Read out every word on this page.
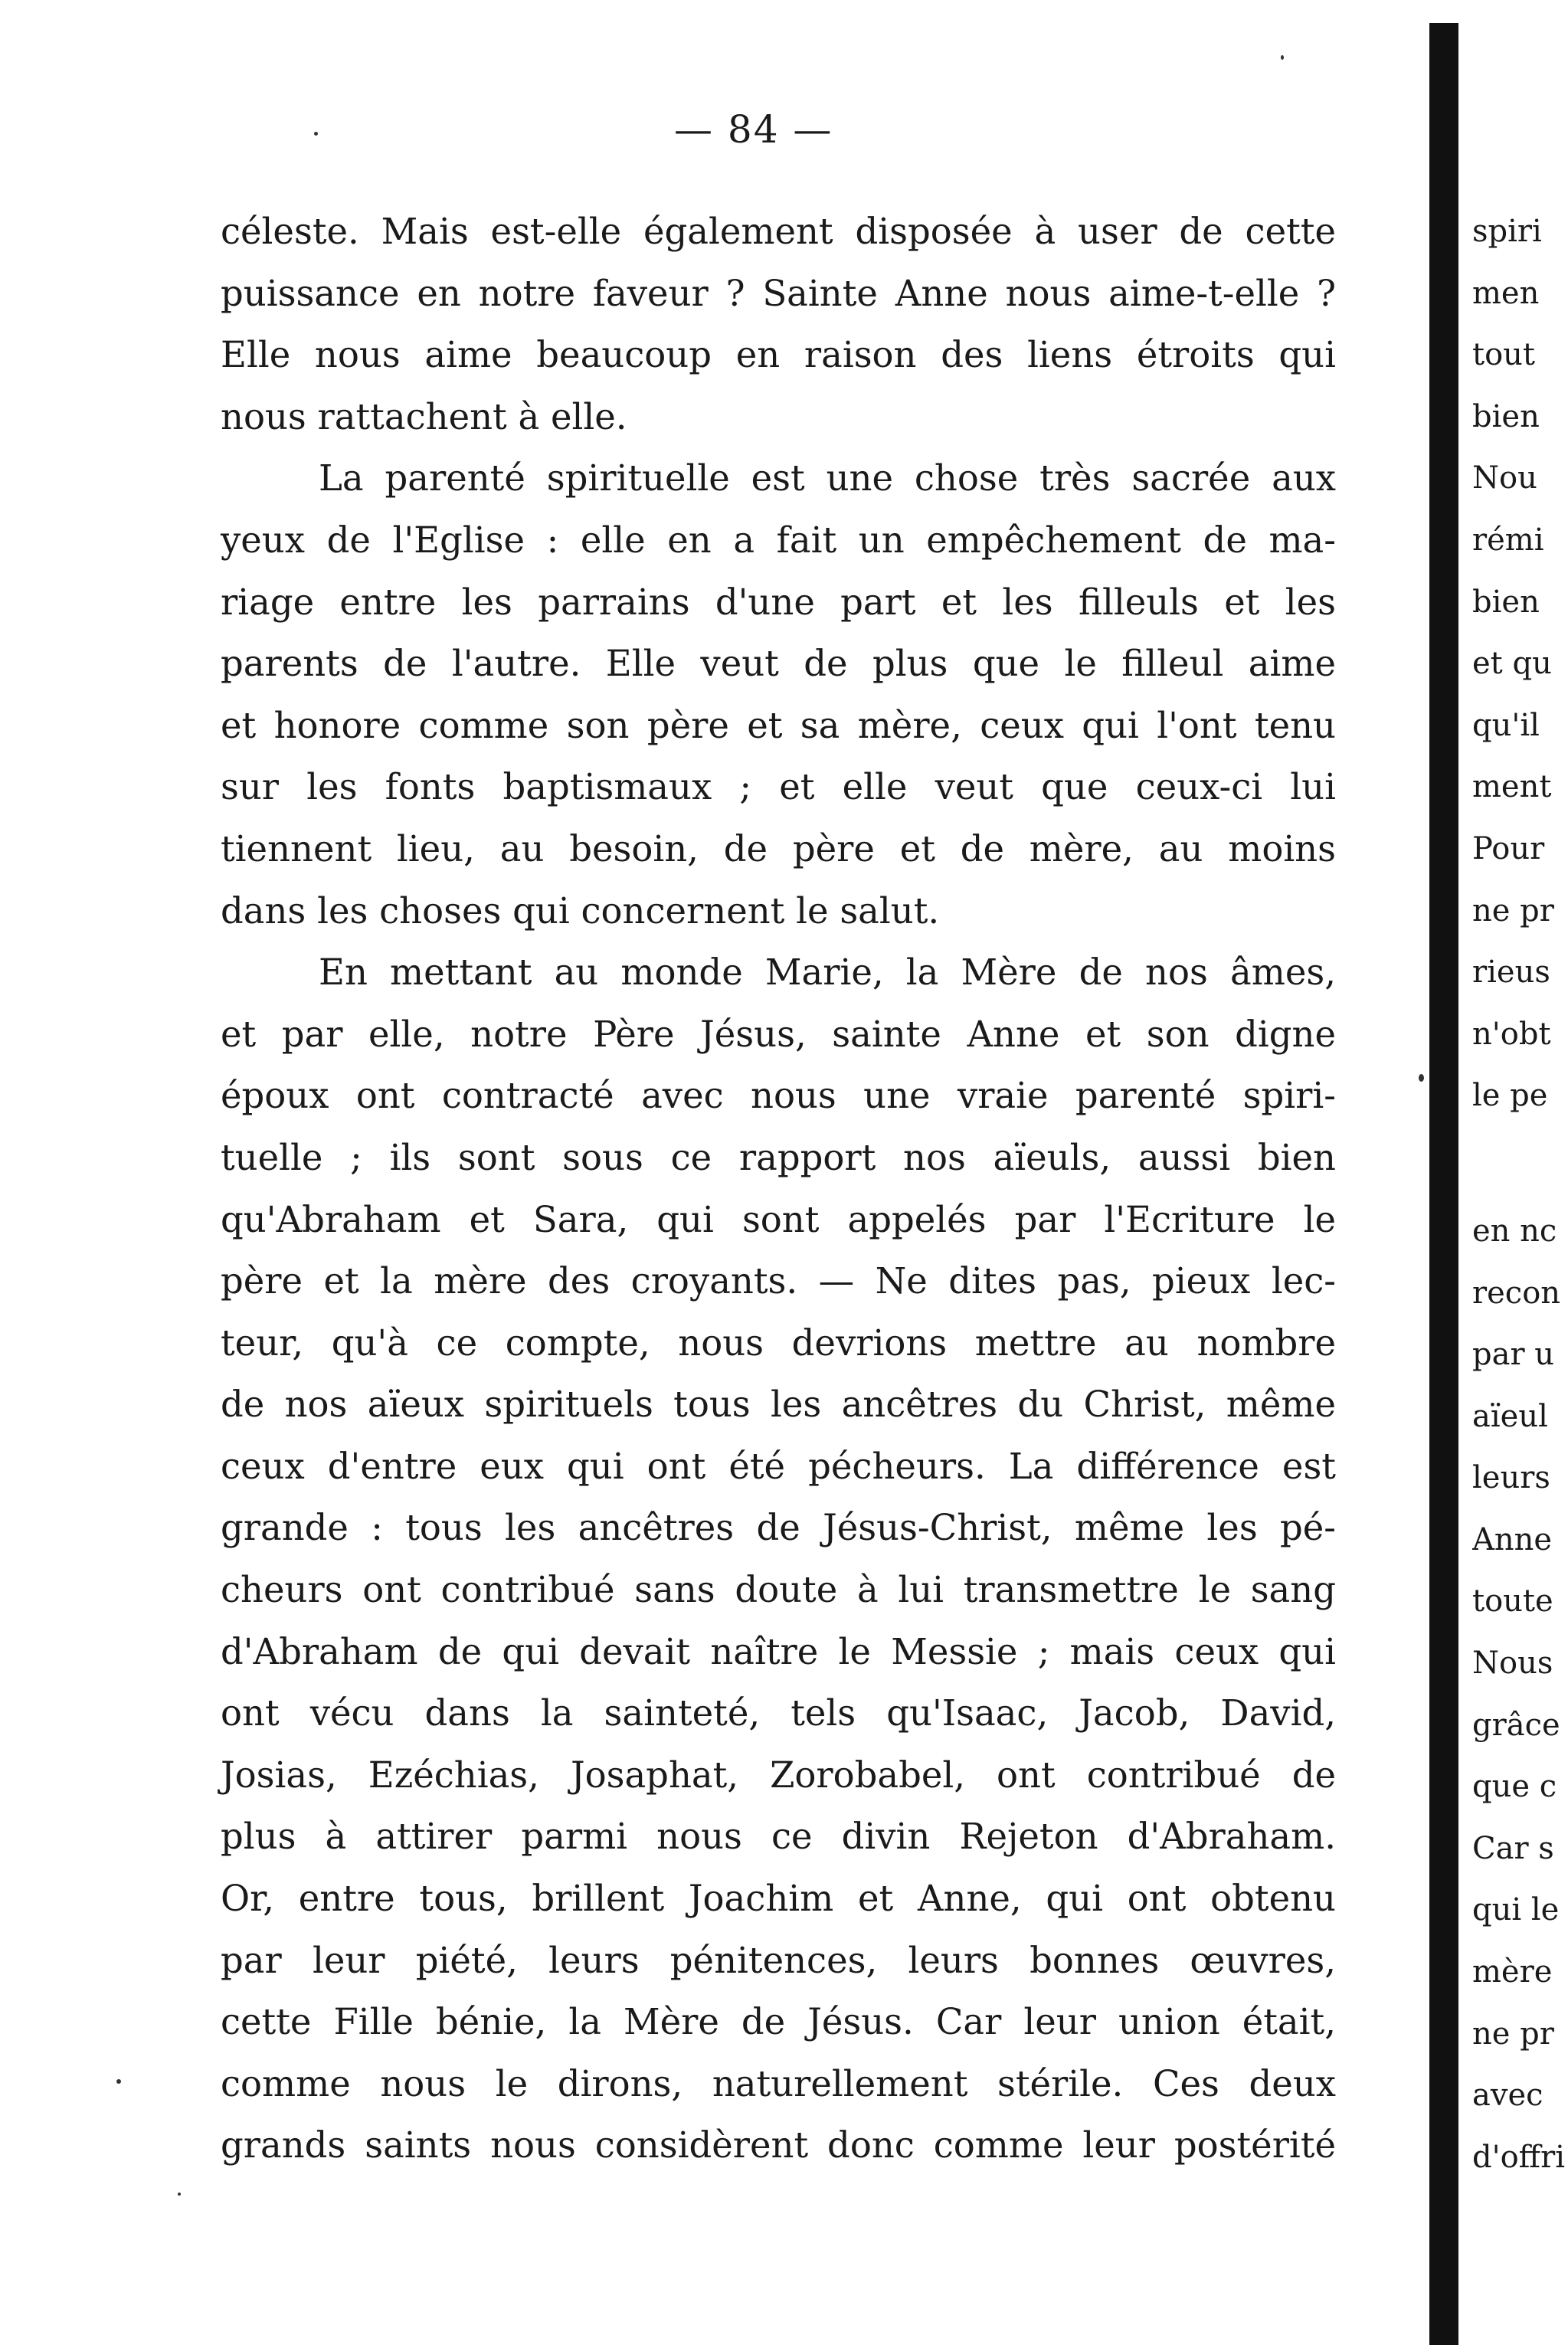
— 84 —
céleste. Mais est-elle également disposée à user de cette
puissance en notre faveur ? Sainte Anne nous aime-t-elle ?
Elle nous aime beaucoup en raison des liens étroits qui
nous rattachent à elle.
La parenté spirituelle est une chose très sacrée aux
yeux de l'Eglise : elle en a fait un empêchement de ma-
riage entre les parrains d'une part et les filleuls et les
parents de l'autre. Elle veut de plus que le filleul aime
et honore comme son père et sa mère, ceux qui l'ont tenu
sur les fonts baptismaux ; et elle veut que ceux-ci lui
tiennent lieu, au besoin, de père et de mère, au moins
dans les choses qui concernent le salut.
En mettant au monde Marie, la Mère de nos âmes,
et par elle, notre Père Jésus, sainte Anne et son digne
époux ont contracté avec nous une vraie parenté spiri-
tuelle ; ils sont sous ce rapport nos aïeuls, aussi bien
qu'Abraham et Sara, qui sont appelés par l'Ecriture le
père et la mère des croyants. — Ne dites pas, pieux lec-
teur, qu'à ce compte, nous devrions mettre au nombre
de nos aïeux spirituels tous les ancêtres du Christ, même
ceux d'entre eux qui ont été pécheurs. La différence est
grande : tous les ancêtres de Jésus-Christ, même les pé-
cheurs ont contribué sans doute à lui transmettre le sang
d'Abraham de qui devait naître le Messie ; mais ceux qui
ont vécu dans la sainteté, tels qu'Isaac, Jacob, David,
Josias, Ezéchias, Josaphat, Zorobabel, ont contribué de
plus à attirer parmi nous ce divin Rejeton d'Abraham.
Or, entre tous, brillent Joachim et Anne, qui ont obtenu
par leur piété, leurs pénitences, leurs bonnes œuvres,
cette Fille bénie, la Mère de Jésus. Car leur union était,
comme nous le dirons, naturellement stérile. Ces deux
grands saints nous considèrent donc comme leur postérité
spiri
men
tout
bien
Nou
rémi
bien
et qu
qu'il
ment
Pour
ne pr
rieus
n'obt
le pe
en nc
recon
par u
aïeul
leurs
Anne
toute
Nous
grâce
que c
Car s
qui le
mère
ne pr
avec
d'offri
